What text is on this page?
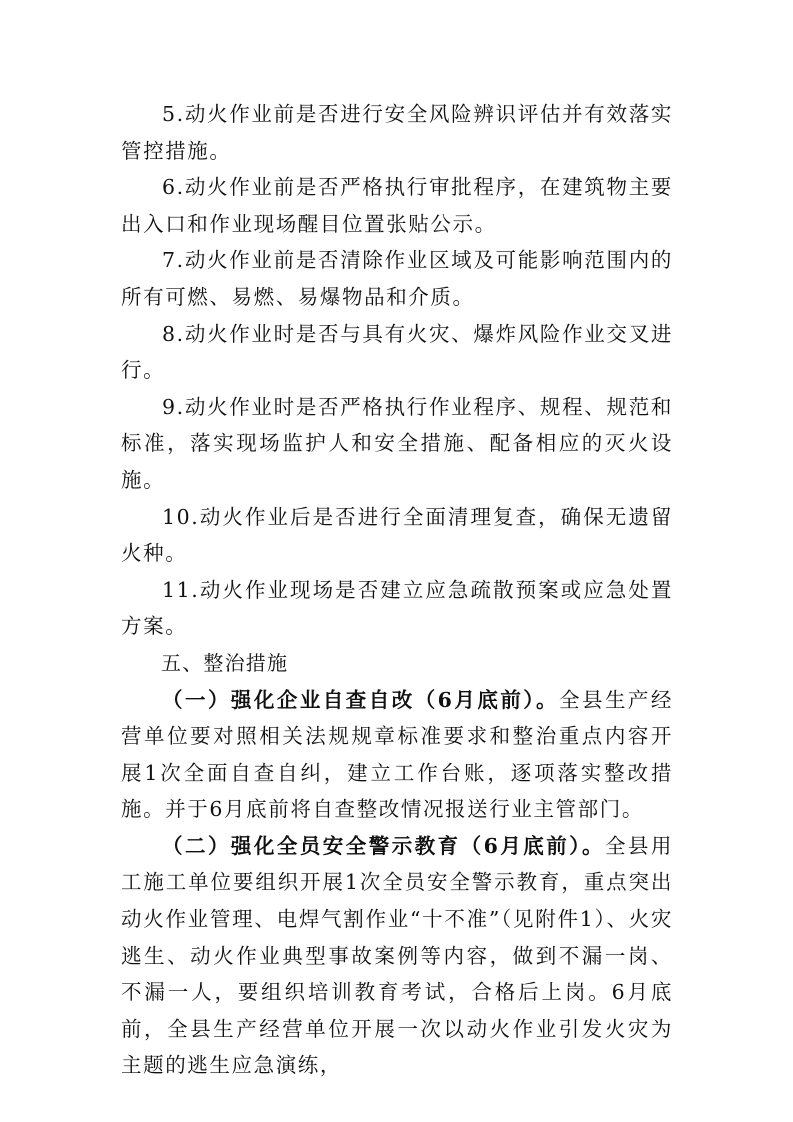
5.动火作业前是否进行安全风险辨识评估并有效落实管控措施。

6.动火作业前是否严格执行审批程序，在建筑物主要出入口和作业现场醒目位置张贴公示。

7.动火作业前是否清除作业区域及可能影响范围内的所有可燃、易燃、易爆物品和介质。

8.动火作业时是否与具有火灾、爆炸风险作业交叉进行。

9.动火作业时是否严格执行作业程序、规程、规范和标准，落实现场监护人和安全措施、配备相应的灭火设施。

10.动火作业后是否进行全面清理复查，确保无遗留火种。

11.动火作业现场是否建立应急疏散预案或应急处置方案。

五、整治措施

（一）强化企业自查自改（6月底前）。全县生产经营单位要对照相关法规规章标准要求和整治重点内容开展1次全面自查自纠，建立工作台账，逐项落实整改措施。并于6月底前将自查整改情况报送行业主管部门。

（二）强化全员安全警示教育（6月底前）。全县用工施工单位要组织开展1次全员安全警示教育，重点突出动火作业管理、电焊气割作业“十不准”（见附件1）、火灾逃生、动火作业典型事故案例等内容，做到不漏一岗、不漏一人，要组织培训教育考试，合格后上岗。6月底前，全县生产经营单位开展一次以动火作业引发火灾为主题的逃生应急演练，
